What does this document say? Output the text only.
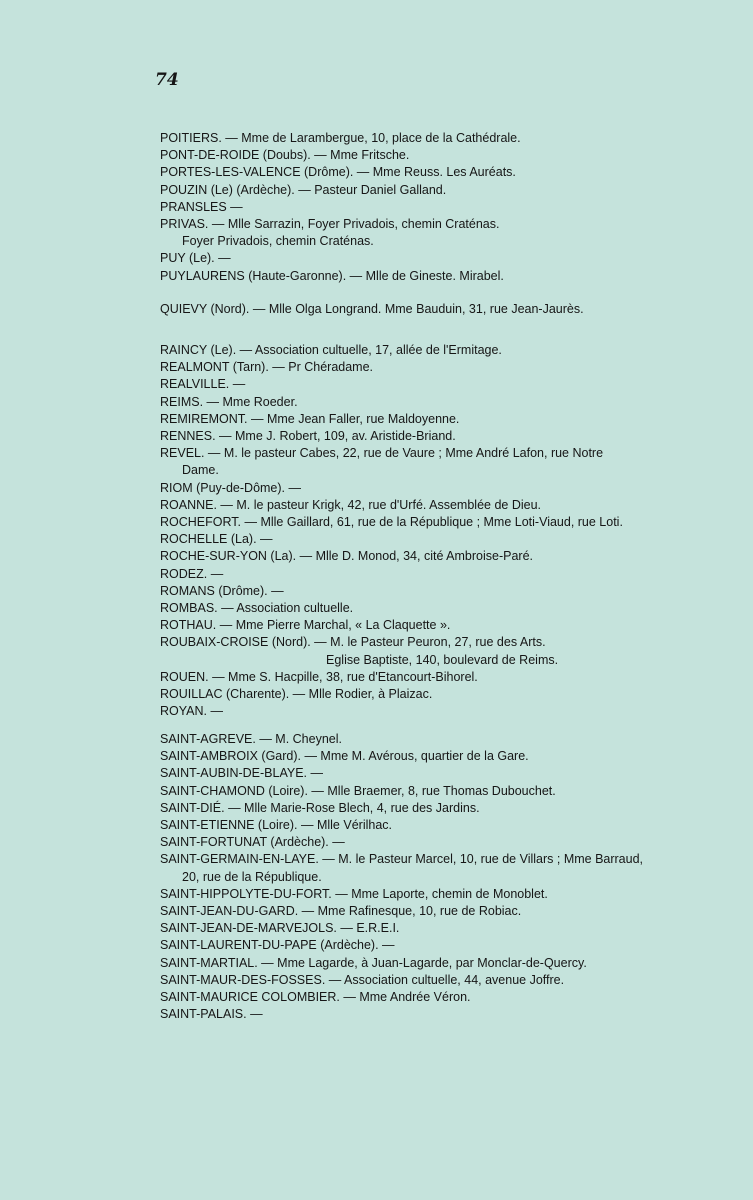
74
POITIERS. — Mme de Larambergue, 10, place de la Cathédrale.
PONT-DE-ROIDE (Doubs). — Mme Fritsche.
PORTES-LES-VALENCE (Drôme). — Mme Reuss. Les Auréats.
POUZIN (Le) (Ardèche). — Pasteur Daniel Galland.
PRANSLES —
PRIVAS. — Mlle Sarrazin, Foyer Privadois, chemin Craténas.
Foyer Privadois, chemin Craténas.
PUY (Le). —
PUYLAURENS (Haute-Garonne). — Mlle de Gineste. Mirabel.
QUIEVY (Nord). — Mlle Olga Longrand. Mme Bauduin, 31, rue Jean-Jaurès.
RAINCY (Le). — Association cultuelle, 17, allée de l'Ermitage.
REALMONT (Tarn). — Pr Chéradame.
REALVILLE. —
REIMS. — Mme Roeder.
REMIREMONT. — Mme Jean Faller, rue Maldoyenne.
RENNES. — Mme J. Robert, 109, av. Aristide-Briand.
REVEL. — M. le pasteur Cabes, 22, rue de Vaure ; Mme André Lafon, rue Notre
Dame.
RIOM (Puy-de-Dôme). —
ROANNE. — M. le pasteur Krigk, 42, rue d'Urfé. Assemblée de Dieu.
ROCHEFORT. — Mlle Gaillard, 61, rue de la République ; Mme Loti-Viaud, rue Loti.
ROCHELLE (La). —
ROCHE-SUR-YON (La). — Mlle D. Monod, 34, cité Ambroise-Paré.
RODEZ. —
ROMANS (Drôme). —
ROMBAS. — Association cultuelle.
ROTHAU. — Mme Pierre Marchal, « La Claquette ».
ROUBAIX-CROISE (Nord). — M. le Pasteur Peuron, 27, rue des Arts.
Eglise Baptiste, 140, boulevard de Reims.
ROUEN. — Mme S. Hacpille, 38, rue d'Etancourt-Bihorel.
ROUILLAC (Charente). — Mlle Rodier, à Plaizac.
ROYAN. —
SAINT-AGREVE. — M. Cheynel.
SAINT-AMBROIX (Gard). — Mme M. Avérous, quartier de la Gare.
SAINT-AUBIN-DE-BLAYE. —
SAINT-CHAMOND (Loire). — Mlle Braemer, 8, rue Thomas Dubouchet.
SAINT-DIÉ. — Mlle Marie-Rose Blech, 4, rue des Jardins.
SAINT-ETIENNE (Loire). — Mlle Vérilhac.
SAINT-FORTUNAT (Ardèche). —
SAINT-GERMAIN-EN-LAYE. — M. le Pasteur Marcel, 10, rue de Villars ; Mme Barraud,
20, rue de la République.
SAINT-HIPPOLYTE-DU-FORT. — Mme Laporte, chemin de Monoblet.
SAINT-JEAN-DU-GARD. — Mme Rafinesque, 10, rue de Robiac.
SAINT-JEAN-DE-MARVEJOLS. — E.R.E.I.
SAINT-LAURENT-DU-PAPE (Ardèche). —
SAINT-MARTIAL. — Mme Lagarde, à Juan-Lagarde, par Monclar-de-Quercy.
SAINT-MAUR-DES-FOSSES. — Association cultuelle, 44, avenue Joffre.
SAINT-MAURICE COLOMBIER. — Mme Andrée Véron.
SAINT-PALAIS. —
